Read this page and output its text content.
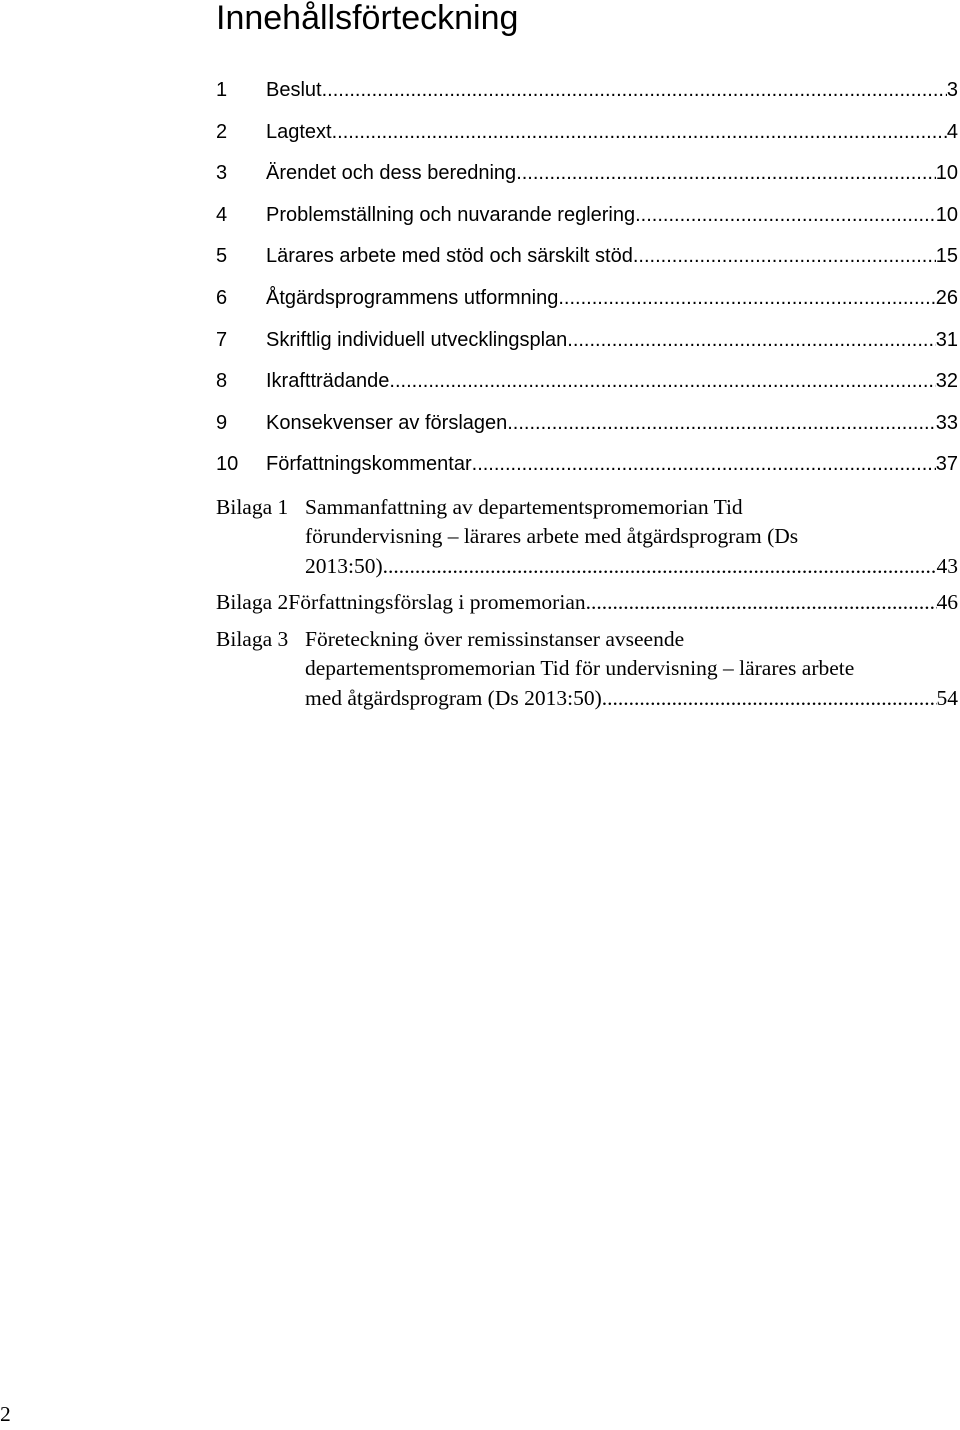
Innehållsförteckning
1	Beslut .....	3
2	Lagtext .....	4
3	Ärendet och dess beredning .....	10
4	Problemställning och nuvarande reglering .....	10
5	Lärares arbete med stöd och särskilt stöd .....	15
6	Åtgärdsprogrammens utformning .....	26
7	Skriftlig individuell utvecklingsplan .....	31
8	Ikraftträdande .....	32
9	Konsekvenser av förslagen .....	33
10	Författningskommentar .....	37
Bilaga 1 Sammanfattning av departementspromemorian Tid
förundervisning – lärares arbete med åtgärdsprogram (Ds
2013:50) .....	43
Bilaga 2 Författningsförslag i promemorian .....	46
Bilaga 3 Företeckning över remissinstanser avseende
departementspromemorian Tid för undervisning – lärares arbete
med åtgärdsprogram (Ds 2013:50) .....	54
2
